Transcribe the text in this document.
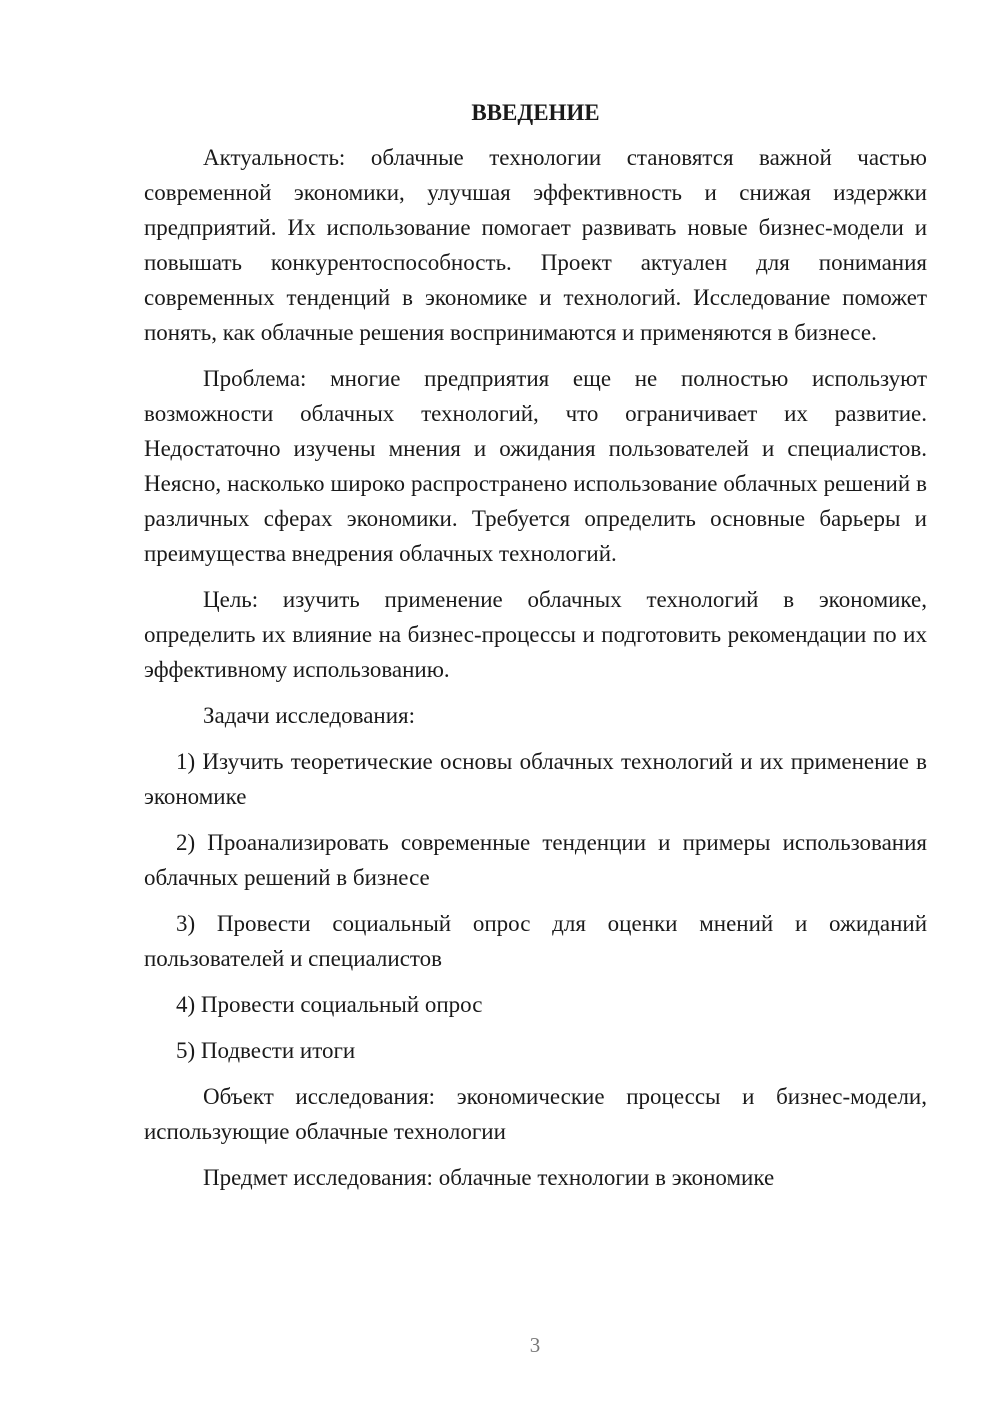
ВВЕДЕНИЕ

Актуальность: облачные технологии становятся важной частью современной экономики, улучшая эффективность и снижая издержки предприятий. Их использование помогает развивать новые бизнес-модели и повышать конкурентоспособность. Проект актуален для понимания современных тенденций в экономике и технологий. Исследование поможет понять, как облачные решения воспринимаются и применяются в бизнесе.

Проблема: многие предприятия еще не полностью используют возможности облачных технологий, что ограничивает их развитие. Недостаточно изучены мнения и ожидания пользователей и специалистов. Неясно, насколько широко распространено использование облачных решений в различных сферах экономики. Требуется определить основные барьеры и преимущества внедрения облачных технологий.

Цель: изучить применение облачных технологий в экономике, определить их влияние на бизнес-процессы и подготовить рекомендации по их эффективному использованию.

Задачи исследования:

1) Изучить теоретические основы облачных технологий и их применение в экономике

2) Проанализировать современные тенденции и примеры использования облачных решений в бизнесе

3) Провести социальный опрос для оценки мнений и ожиданий пользователей и специалистов

4) Провести социальный опрос

5) Подвести итоги

Объект исследования: экономические процессы и бизнес-модели, использующие облачные технологии

Предмет исследования: облачные технологии в экономике

3
